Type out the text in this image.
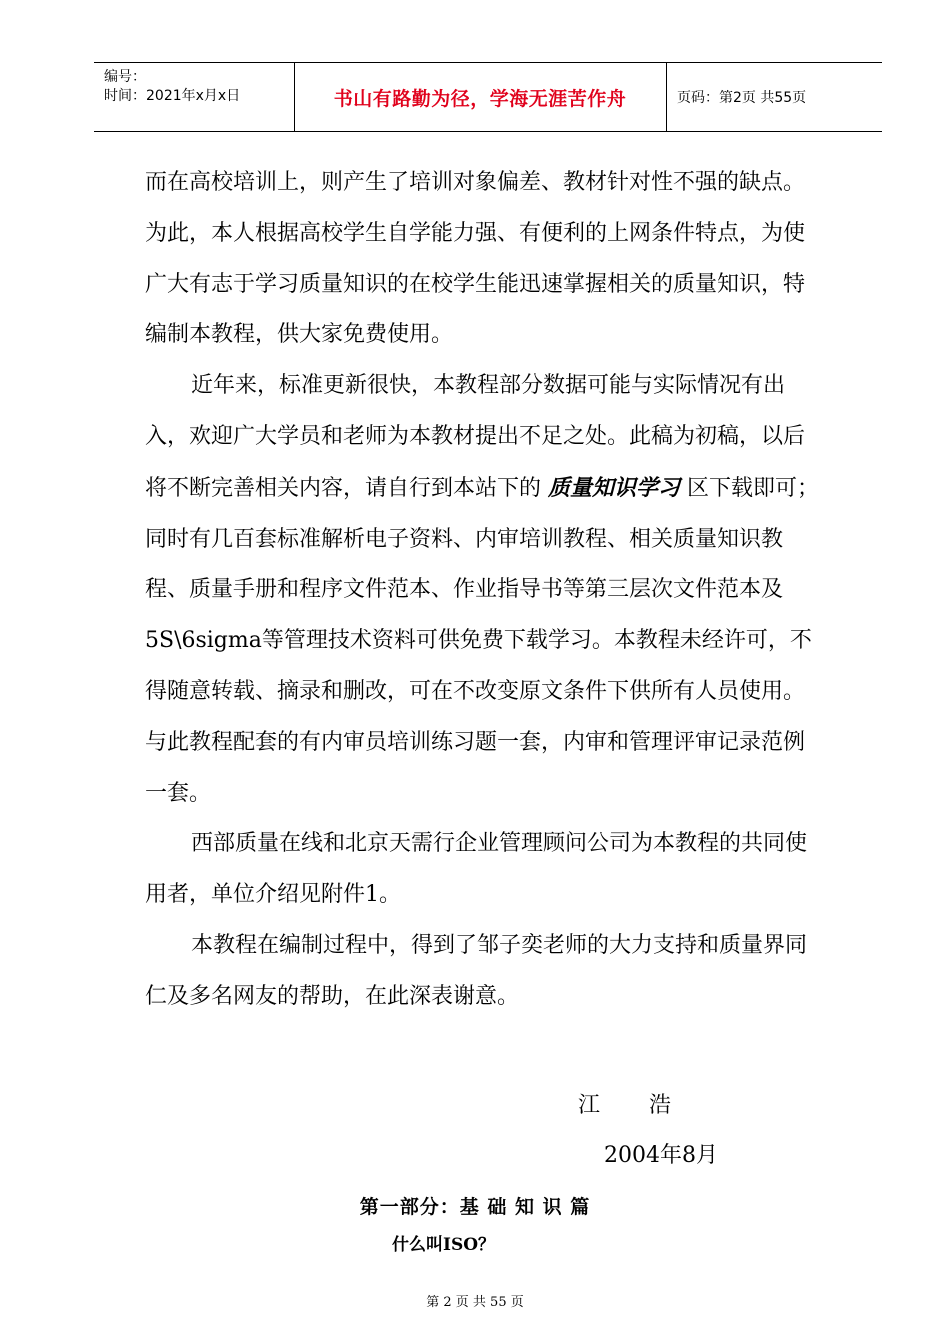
编号：
时间：2021年x月x日	书山有路勤为径，学海无涯苦作舟	页码：第2页 共55页

而在高校培训上，则产生了培训对象偏差、教材针对性不强的缺点。为此，本人根据高校学生自学能力强、有便利的上网条件特点，为使广大有志于学习质量知识的在校学生能迅速掌握相关的质量知识，特编制本教程，供大家免费使用。

近年来，标准更新很快，本教程部分数据可能与实际情况有出入，欢迎广大学员和老师为本教材提出不足之处。此稿为初稿，以后将不断完善相关内容，请自行到本站下的 质量知识学习 区下载即可；同时有几百套标准解析电子资料、内审培训教程、相关质量知识教程、质量手册和程序文件范本、作业指导书等第三层次文件范本及5S\6sigma等管理技术资料可供免费下载学习。本教程未经许可，不得随意转载、摘录和删改，可在不改变原文条件下供所有人员使用。与此教程配套的有内审员培训练习题一套，内审和管理评审记录范例一套。

西部质量在线和北京天需行企业管理顾问公司为本教程的共同使用者，单位介绍见附件1。

本教程在编制过程中，得到了邹子奕老师的大力支持和质量界同仁及多名网友的帮助，在此深表谢意。

江       浩
2004年8月
第一部分：基 础 知 识 篇
什么叫ISO？
第 2 页 共 55 页
